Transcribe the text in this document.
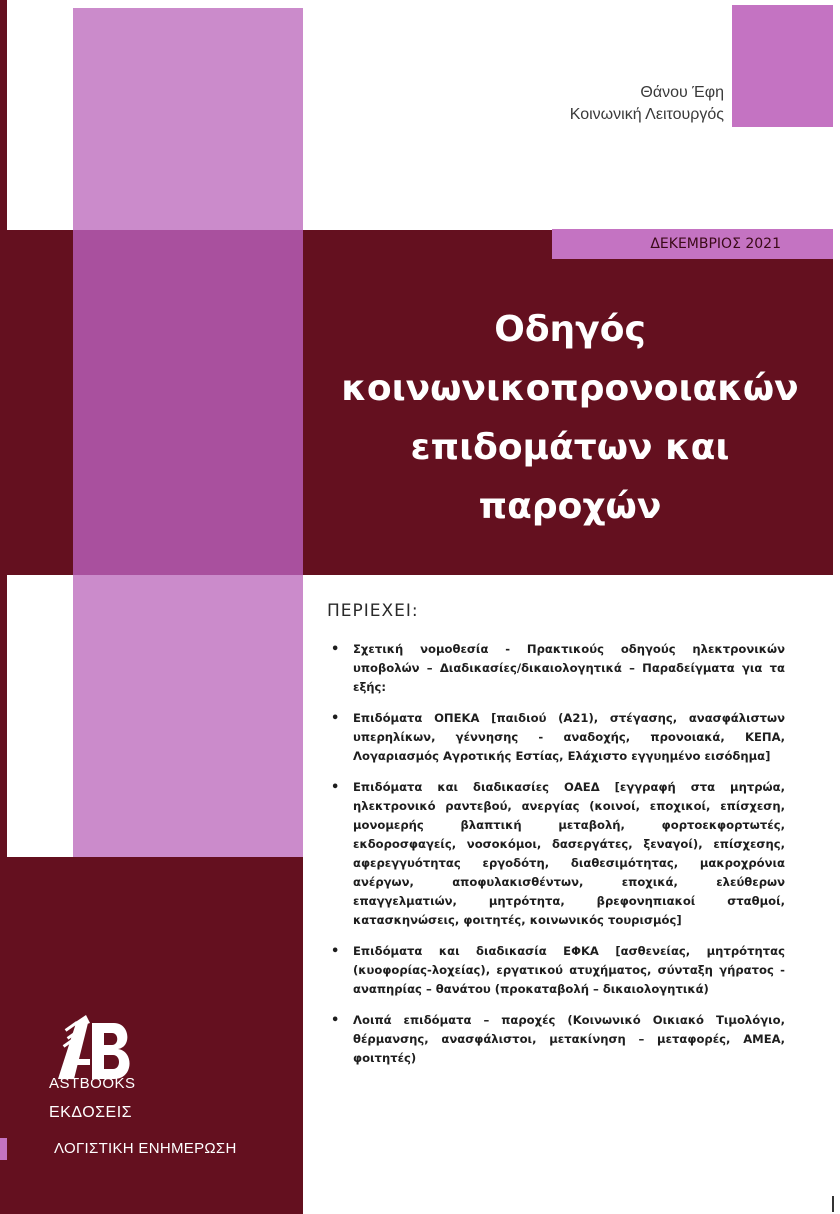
Θάνου Έφη
Κοινωνική Λειτουργός
ΔΕΚΕΜΒΡΙΟΣ 2021
Οδηγός
κοινωνικοπρονοιακών
επιδομάτων και
παροχών
ΠΕΡΙΕΧΕΙ:
• Σχετική νομοθεσία - Πρακτικούς οδηγούς ηλεκτρονικών υποβολών – Διαδικασίες/δικαιολογητικά – Παραδείγματα για τα εξής:
• Επιδόματα ΟΠΕΚΑ [παιδιού (Α21), στέγασης, ανασφάλιστων υπερηλίκων, γέννησης - αναδοχής, προνοιακά, ΚΕΠΑ, Λογαριασμός Αγροτικής Εστίας, Ελάχιστο εγγυημένο εισόδημα]
• Επιδόματα και διαδικασίες ΟΑΕΔ [εγγραφή στα μητρώα, ηλεκτρονικό ραντεβού, ανεργίας (κοινοί, εποχικοί, επίσχεση, μονομερής βλαπτική μεταβολή, φορτοεκφορτωτές, εκδοροσφαγείς, νοσοκόμοι, δασεργάτες, ξεναγοί), επίσχεσης, αφερεγγυότητας εργοδότη, διαθεσιμότητας, μακροχρόνια ανέργων, αποφυλακισθέντων, εποχικά, ελεύθερων επαγγελματιών, μητρότητα, βρεφονηπιακοί σταθμοί, κατασκηνώσεις, φοιτητές, κοινωνικός τουρισμός]
• Επιδόματα και διαδικασία ΕΦΚΑ [ασθενείας, μητρότητας (κυοφορίας-λοχείας), εργατικού ατυχήματος, σύνταξη γήρατος - αναπηρίας – θανάτου (προκαταβολή – δικαιολογητικά)
• Λοιπά επιδόματα – παροχές (Κοινωνικό Οικιακό Τιμολόγιο, θέρμανσης, ανασφάλιστοι, μετακίνηση – μεταφορές, ΑΜΕΑ, φοιτητές)
AB
ASTBOOKS
ΕΚΔΟΣΕΙΣ
ΛΟΓΙΣΤΙΚΗ ΕΝΗΜΕΡΩΣΗ
